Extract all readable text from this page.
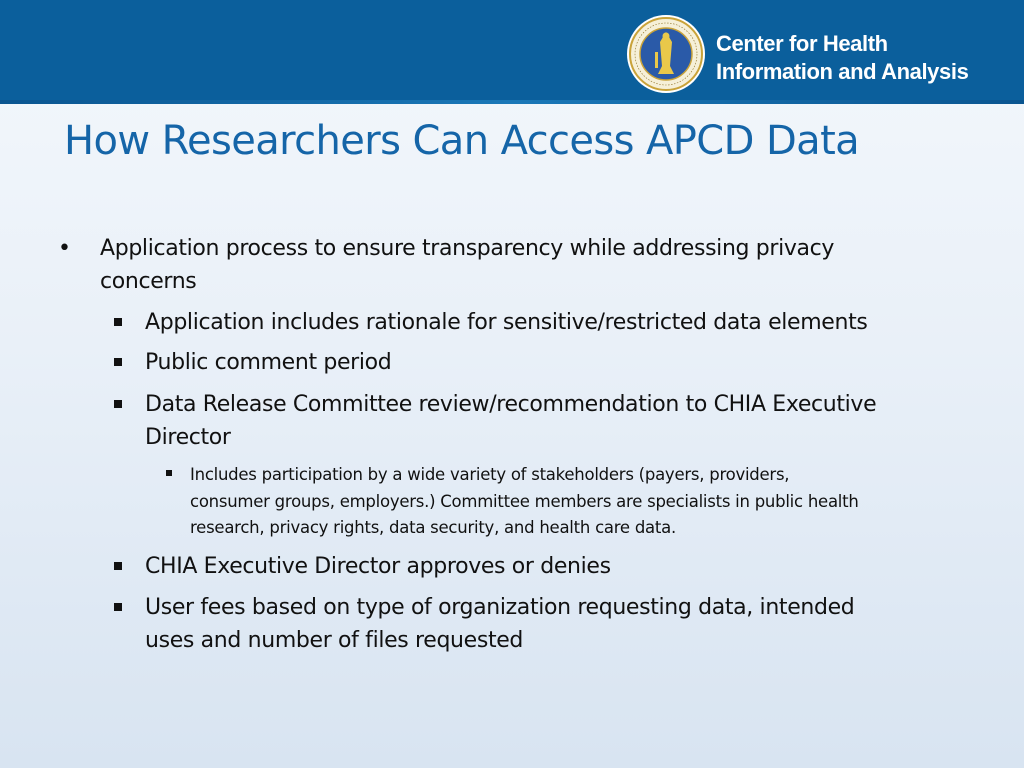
Center for Health
Information and Analysis
How Researchers Can Access APCD Data
• Application process to ensure transparency while addressing privacy
concerns
Application includes rationale for sensitive/restricted data elements
Public comment period
Data Release Committee review/recommendation to CHIA Executive
Director
Includes participation by a wide variety of stakeholders (payers, providers,
consumer groups, employers.) Committee members are specialists in public health
research, privacy rights, data security, and health care data.
CHIA Executive Director approves or denies
User fees based on type of organization requesting data, intended
uses and number of files requested
